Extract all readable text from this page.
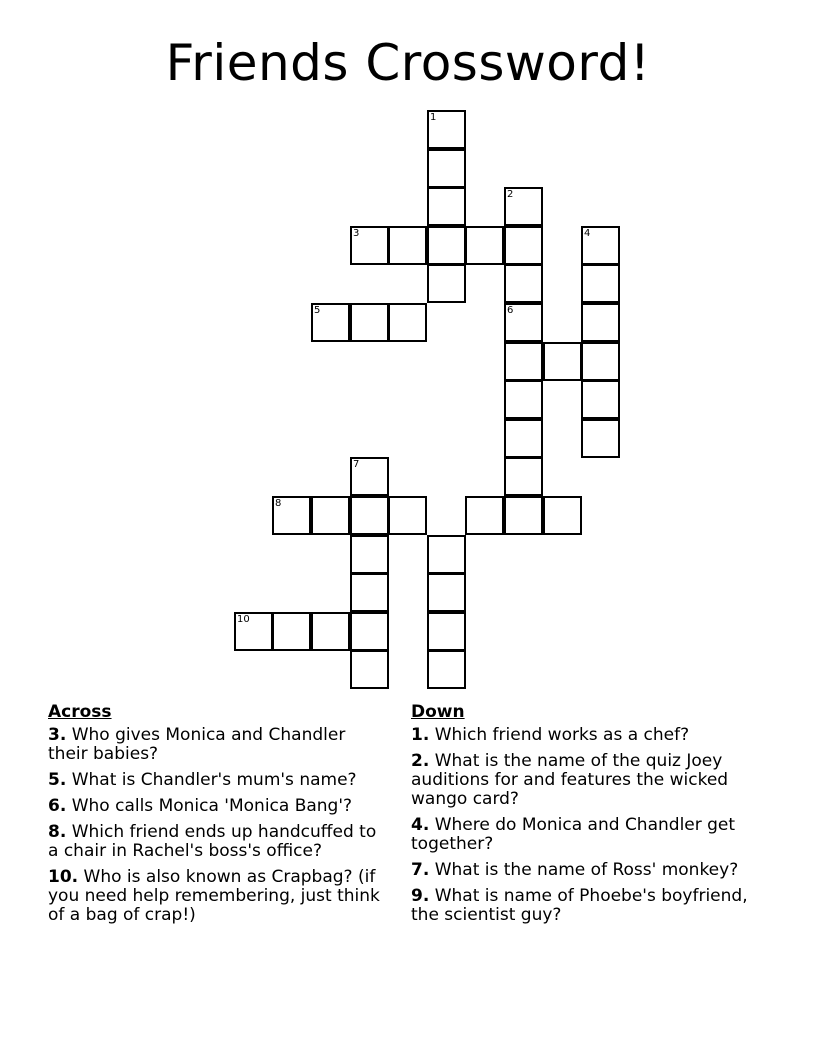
Friends Crossword!
1
2
6
3	4
5
7
8
10
Across
3. Who gives Monica and Chandler their babies?
5. What is Chandler's mum's name?
6. Who calls Monica 'Monica Bang'?
8. Which friend ends up handcuffed to a chair in Rachel's boss's office?
10. Who is also known as Crapbag? (if you need help remembering, just think of a bag of crap!)
Down
1. Which friend works as a chef?
2. What is the name of the quiz Joey auditions for and features the wicked wango card?
4. Where do Monica and Chandler get together?
7. What is the name of Ross' monkey?
9. What is name of Phoebe's boyfriend, the scientist guy?
